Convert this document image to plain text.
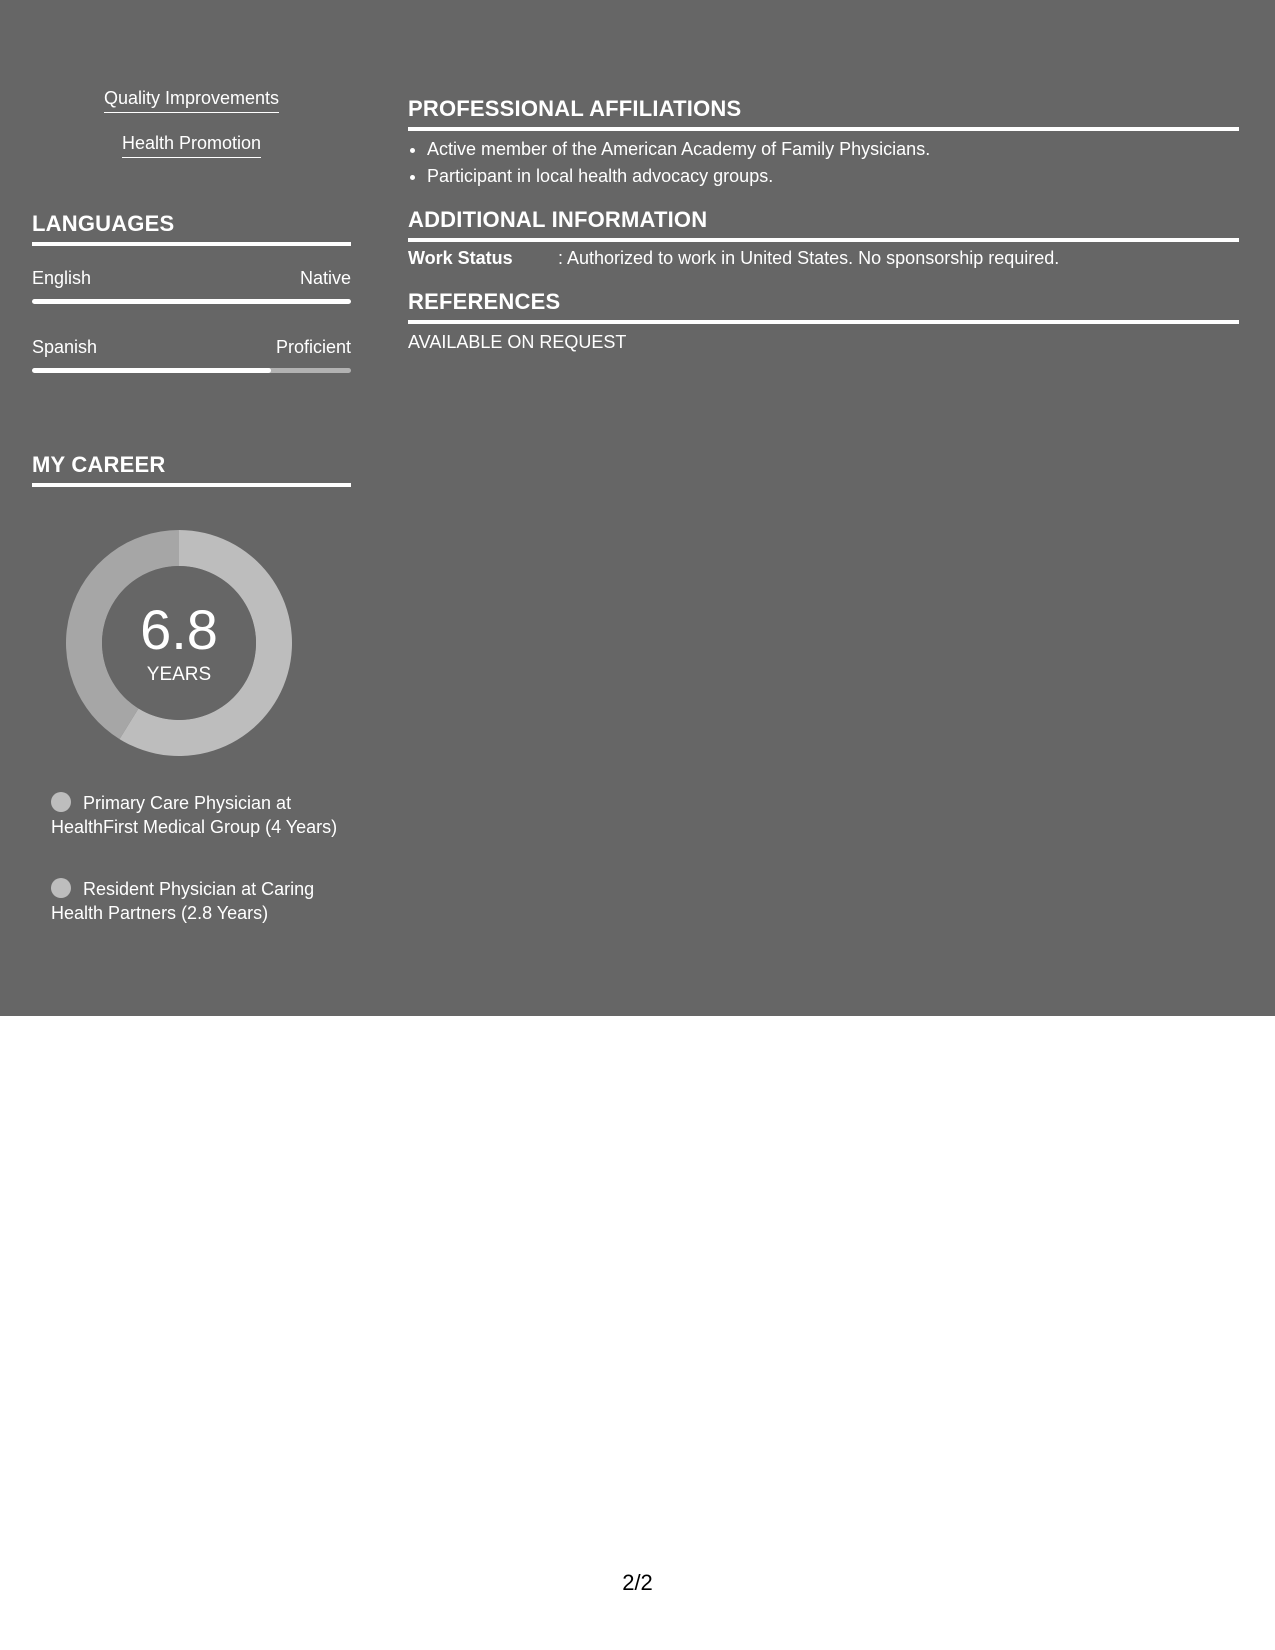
Quality Improvements
Health Promotion
LANGUAGES
English	Native
Spanish	Proficient
MY CAREER
6.8
YEARS
Primary Care Physician at HealthFirst Medical Group (4 Years)
Resident Physician at Caring Health Partners (2.8 Years)
PROFESSIONAL AFFILIATIONS
• Active member of the American Academy of Family Physicians.
• Participant in local health advocacy groups.
ADDITIONAL INFORMATION
Work Status	: Authorized to work in United States. No sponsorship required.
REFERENCES
AVAILABLE ON REQUEST
2/2
